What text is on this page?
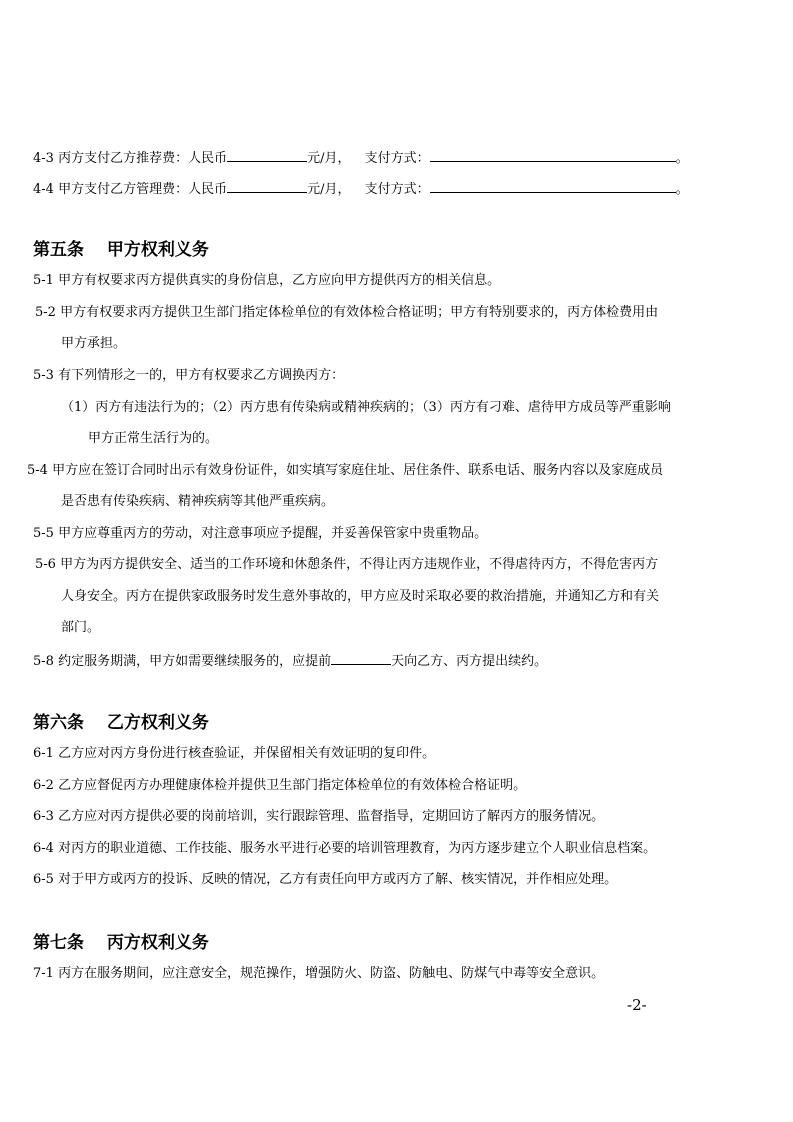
4-3 丙方支付乙方推荐费：人民币	元/月， 支付方式：	。
4-4 甲方支付乙方管理费：人民币	元/月， 支付方式：	。
第五条　 甲方权利义务
5-1 甲方有权要求丙方提供真实的身份信息，乙方应向甲方提供丙方的相关信息。
5-2 甲方有权要求丙方提供卫生部门指定体检单位的有效体检合格证明；甲方有特别要求的，丙方体检费用由
甲方承担。
5-3 有下列情形之一的，甲方有权要求乙方调换丙方：
（1）丙方有违法行为的；（2）丙方患有传染病或精神疾病的；（3）丙方有刁难、虐待甲方成员等严重影响
甲方正常生活行为的。
5-4 甲方应在签订合同时出示有效身份证件，如实填写家庭住址、居住条件、联系电话、服务内容以及家庭成员
是否患有传染疾病、精神疾病等其他严重疾病。
5-5 甲方应尊重丙方的劳动，对注意事项应予提醒，并妥善保管家中贵重物品。
5-6 甲方为丙方提供安全、适当的工作环境和休憩条件，不得让丙方违规作业，不得虐待丙方，不得危害丙方
人身安全。丙方在提供家政服务时发生意外事故的，甲方应及时采取必要的救治措施，并通知乙方和有关
部门。
5-8 约定服务期满，甲方如需要继续服务的，应提前	天向乙方、丙方提出续约。
第六条　 乙方权利义务
6-1 乙方应对丙方身份进行核查验证，并保留相关有效证明的复印件。
6-2 乙方应督促丙方办理健康体检并提供卫生部门指定体检单位的有效体检合格证明。
6-3 乙方应对丙方提供必要的岗前培训，实行跟踪管理、监督指导，定期回访了解丙方的服务情况。
6-4 对丙方的职业道德、工作技能、服务水平进行必要的培训管理教育，为丙方逐步建立个人职业信息档案。
6-5 对于甲方或丙方的投诉、反映的情况，乙方有责任向甲方或丙方了解、核实情况，并作相应处理。
第七条　 丙方权利义务
7-1 丙方在服务期间，应注意安全，规范操作，增强防火、防盗、防触电、防煤气中毒等安全意识。
-2-
